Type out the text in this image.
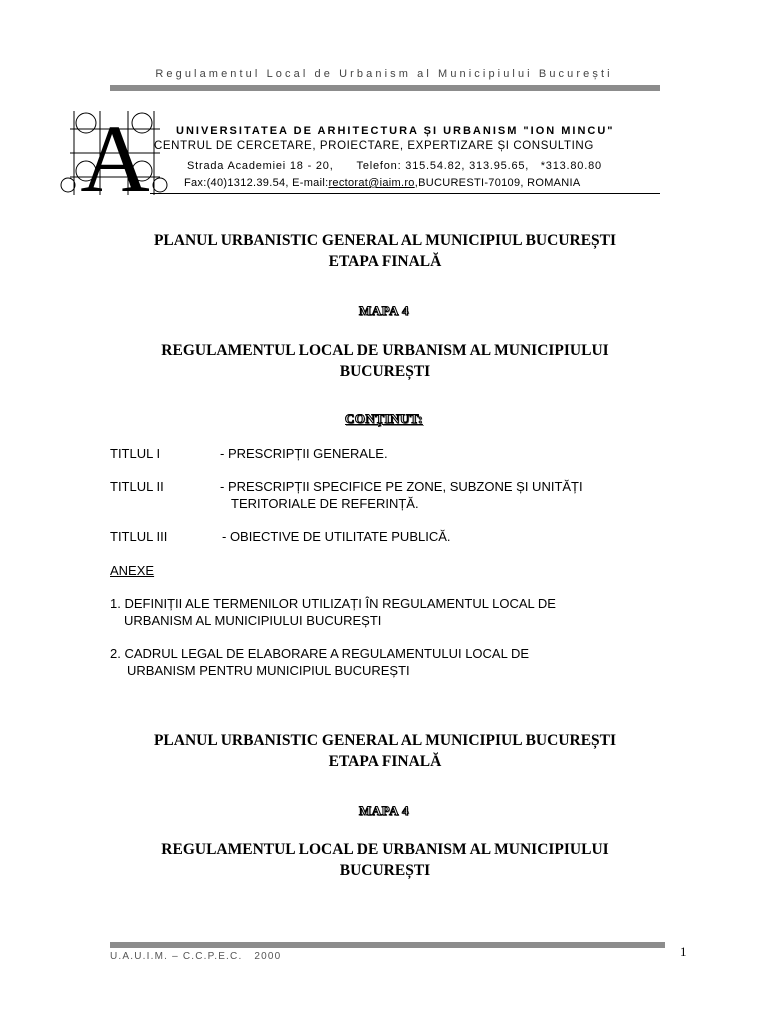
Regulamentul Local de Urbanism al Municipiului București
A UNIVERSITATEA DE ARHITECTURA ȘI URBANISM "ION MINCU"
CENTRUL DE CERCETARE, PROIECTARE, EXPERTIZARE ȘI CONSULTING
Strada Academiei 18 - 20,      Telefon: 315.54.82, 313.95.65,   *313.80.80
Fax:(40)1312.39.54, E-mail:rectorat@iaim.ro,BUCURESTI-70109, ROMANIA
PLANUL URBANISTIC GENERAL AL MUNICIPIUL BUCUREȘTI
ETAPA FINALĂ
MAPA 4
REGULAMENTUL LOCAL DE URBANISM AL MUNICIPIULUI
BUCUREȘTI
CONȚINUT:
TITLUL I	- PRESCRIPȚII GENERALE.
TITLUL II	- PRESCRIPȚII SPECIFICE PE ZONE, SUBZONE ȘI UNITĂȚI
TERITORIALE DE REFERINȚĂ.
TITLUL III	- OBIECTIVE DE UTILITATE PUBLICĂ.
ANEXE
1. DEFINIȚII ALE TERMENILOR UTILIZAȚI ÎN REGULAMENTUL LOCAL DE
URBANISM AL MUNICIPIULUI BUCUREȘTI
2. CADRUL LEGAL DE ELABORARE A REGULAMENTULUI LOCAL DE
URBANISM PENTRU MUNICIPIUL BUCUREȘTI
PLANUL URBANISTIC GENERAL AL MUNICIPIUL BUCUREȘTI
ETAPA FINALĂ
MAPA 4
REGULAMENTUL LOCAL DE URBANISM AL MUNICIPIULUI
BUCUREȘTI
U.A.U.I.M. – C.C.P.E.C.   2000	1
